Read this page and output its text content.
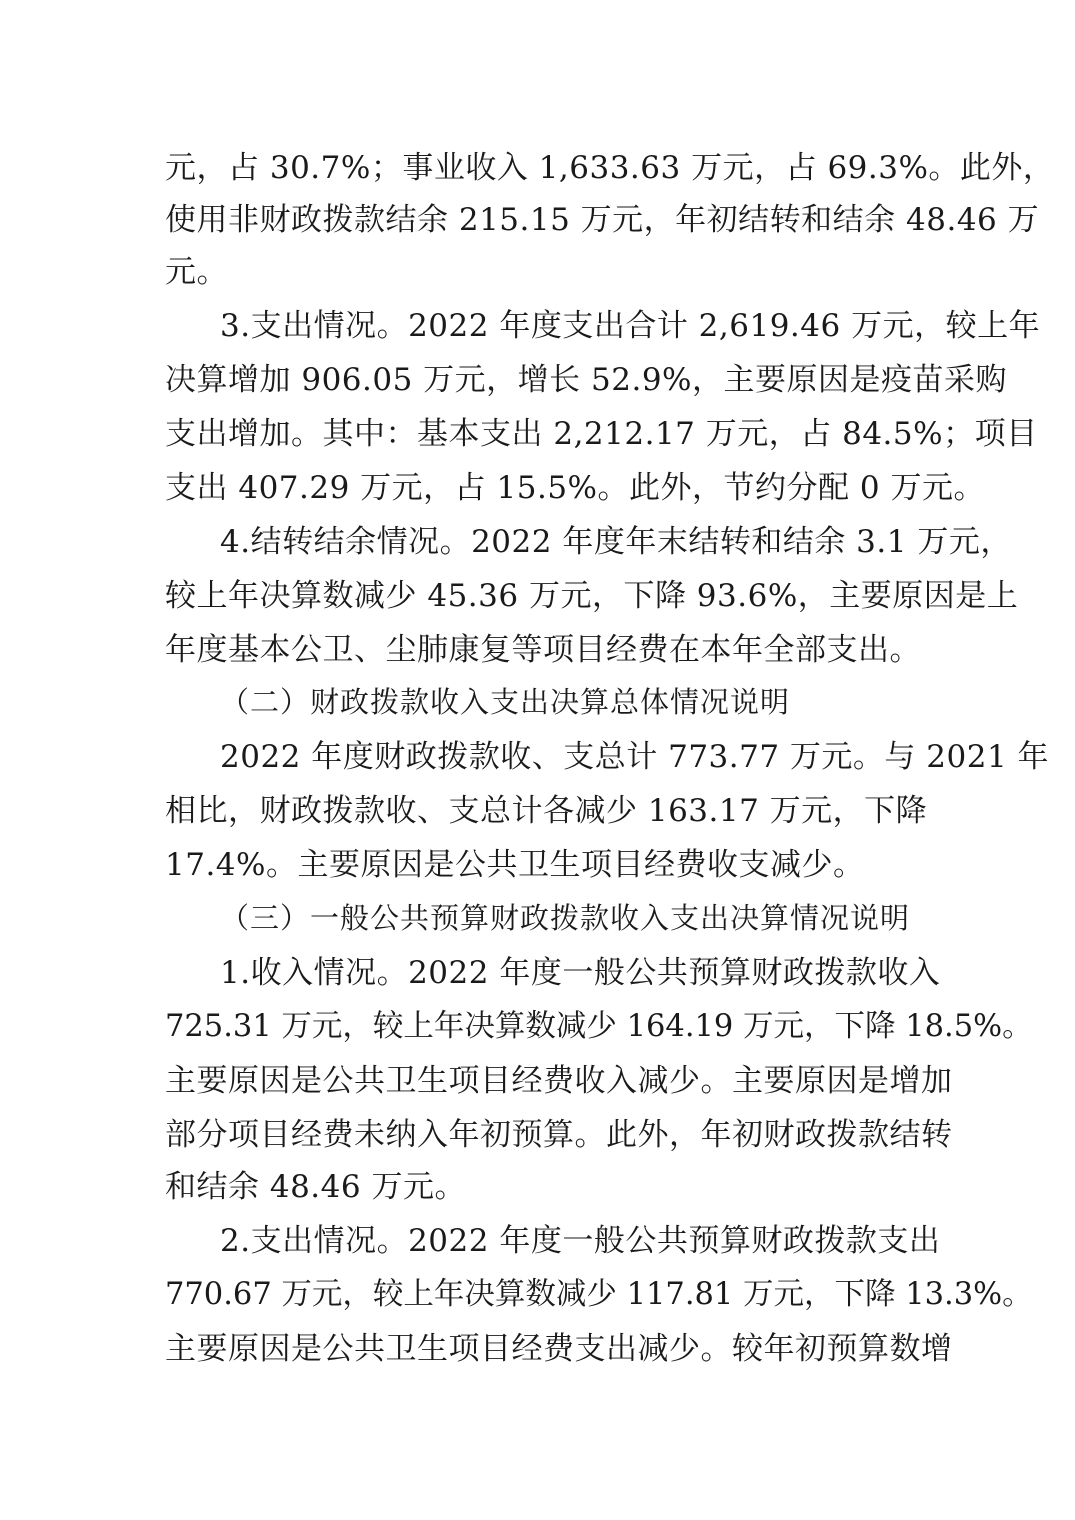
元，占 30.7%；事业收入 1,633.63 万元，占 69.3%。此外，
使用非财政拨款结余 215.15 万元，年初结转和结余 48.46 万
元。
3.支出情况。2022 年度支出合计 2,619.46 万元，较上年
决算增加 906.05 万元，增长 52.9%，主要原因是疫苗采购
支出增加。其中：基本支出 2,212.17 万元，占 84.5%；项目
支出 407.29 万元，占 15.5%。此外，节约分配 0 万元。
4.结转结余情况。2022 年度年末结转和结余 3.1 万元，
较上年决算数减少 45.36 万元，下降 93.6%，主要原因是上
年度基本公卫、尘肺康复等项目经费在本年全部支出。
（二）财政拨款收入支出决算总体情况说明
2022 年度财政拨款收、支总计 773.77 万元。与 2021 年
相比，财政拨款收、支总计各减少 163.17 万元，下降
17.4%。主要原因是公共卫生项目经费收支减少。
（三）一般公共预算财政拨款收入支出决算情况说明
1.收入情况。2022 年度一般公共预算财政拨款收入
725.31 万元，较上年决算数减少 164.19 万元，下降 18.5%。
主要原因是公共卫生项目经费收入减少。主要原因是增加
部分项目经费未纳入年初预算。此外，年初财政拨款结转
和结余 48.46 万元。
2.支出情况。2022 年度一般公共预算财政拨款支出
770.67 万元，较上年决算数减少 117.81 万元，下降 13.3%。
主要原因是公共卫生项目经费支出减少。较年初预算数增
